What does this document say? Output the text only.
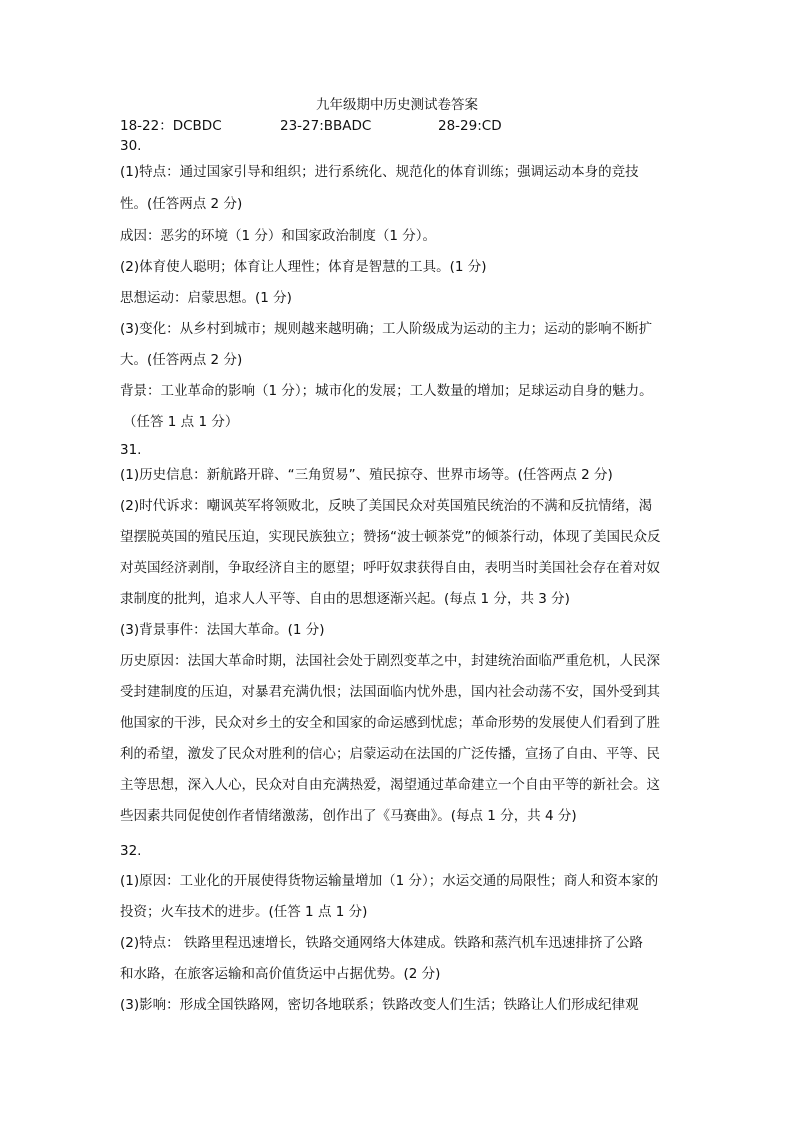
九年级期中历史测试卷答案
18-22：DCBDC	23-27:BBADC	28-29:CD
30.
(1)特点：通过国家引导和组织；进行系统化、规范化的体育训练；强调运动本身的竞技
性。(任答两点 2 分)
成因：恶劣的环境（1 分）和国家政治制度（1 分）。
(2)体育使人聪明；体育让人理性；体育是智慧的工具。(1 分)
思想运动：启蒙思想。(1 分)
(3)变化：从乡村到城市；规则越来越明确；工人阶级成为运动的主力；运动的影响不断扩
大。(任答两点 2 分)
背景：工业革命的影响（1 分）；城市化的发展；工人数量的增加；足球运动自身的魅力。
（任答 1 点 1 分）
31.
(1)历史信息：新航路开辟、“三角贸易”、殖民掠夺、世界市场等。(任答两点 2 分)
(2)时代诉求：嘲讽英军将领败北，反映了美国民众对英国殖民统治的不满和反抗情绪，渴
望摆脱英国的殖民压迫，实现民族独立；赞扬“波士顿茶党”的倾茶行动，体现了美国民众反
对英国经济剥削，争取经济自主的愿望；呼吁奴隶获得自由，表明当时美国社会存在着对奴
隶制度的批判，追求人人平等、自由的思想逐渐兴起。(每点 1 分，共 3 分)
(3)背景事件：法国大革命。(1 分)
历史原因：法国大革命时期，法国社会处于剧烈变革之中，封建统治面临严重危机，人民深
受封建制度的压迫，对暴君充满仇恨；法国面临内忧外患，国内社会动荡不安，国外受到其
他国家的干涉，民众对乡土的安全和国家的命运感到忧虑；革命形势的发展使人们看到了胜
利的希望，激发了民众对胜利的信心；启蒙运动在法国的广泛传播，宣扬了自由、平等、民
主等思想，深入人心，民众对自由充满热爱，渴望通过革命建立一个自由平等的新社会。这
些因素共同促使创作者情绪激荡，创作出了《马赛曲》。(每点 1 分，共 4 分)
32.
(1)原因：工业化的开展使得货物运输量增加（1 分）；水运交通的局限性；商人和资本家的
投资；火车技术的进步。(任答 1 点 1 分)
(2)特点： 铁路里程迅速增长，铁路交通网络大体建成。铁路和蒸汽机车迅速排挤了公路
和水路，在旅客运输和高价值货运中占据优势。(2 分)
(3)影响：形成全国铁路网，密切各地联系；铁路改变人们生活；铁路让人们形成纪律观
